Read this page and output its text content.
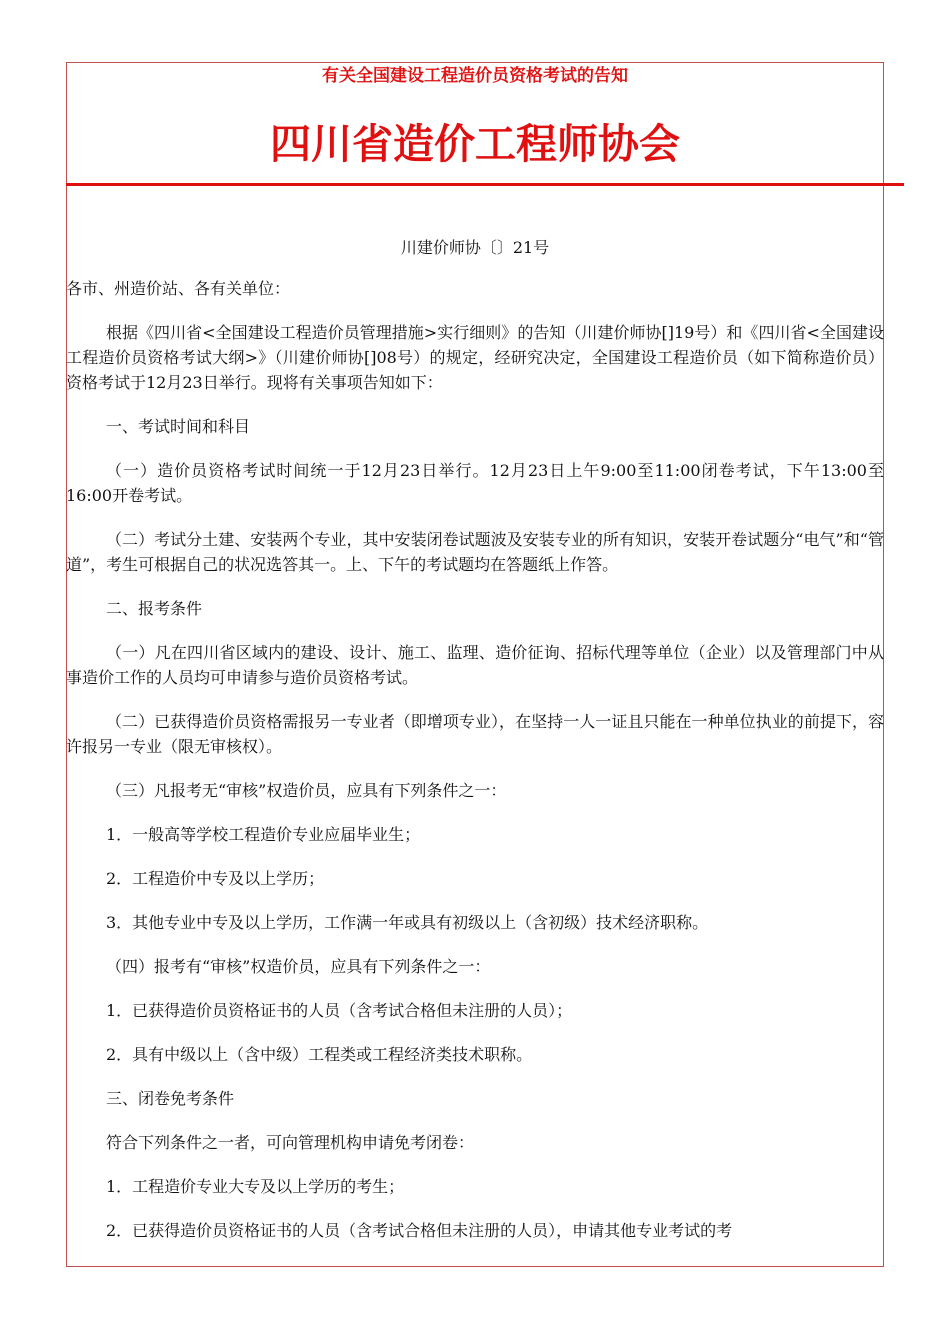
有关全国建设工程造价员资格考试的告知
四川省造价工程师协会
川建价师协〔〕21号

各市、州造价站、各有关单位：

根据《四川省<全国建设工程造价员管理措施>实行细则》的告知（川建价师协[]19号）和《四川省<全国建设工程造价员资格考试大纲>》（川建价师协[]08号）的规定，经研究决定，全国建设工程造价员（如下简称造价员）资格考试于12月23日举行。现将有关事项告知如下：

一、考试时间和科目

（一）造价员资格考试时间统一于12月23日举行。12月23日上午9:00至11:00闭卷考试，下午13:00至16:00开卷考试。

（二）考试分土建、安装两个专业，其中安装闭卷试题波及安装专业的所有知识，安装开卷试题分“电气”和“管道”，考生可根据自己的状况选答其一。上、下午的考试题均在答题纸上作答。

二、报考条件

（一）凡在四川省区域内的建设、设计、施工、监理、造价征询、招标代理等单位（企业）以及管理部门中从事造价工作的人员均可申请参与造价员资格考试。

（二）已获得造价员资格需报另一专业者（即增项专业），在坚持一人一证且只能在一种单位执业的前提下，容许报另一专业（限无审核权）。

（三）凡报考无“审核”权造价员，应具有下列条件之一：

1．一般高等学校工程造价专业应届毕业生；

2．工程造价中专及以上学历；

3．其他专业中专及以上学历，工作满一年或具有初级以上（含初级）技术经济职称。

（四）报考有“审核”权造价员，应具有下列条件之一：

1．已获得造价员资格证书的人员（含考试合格但未注册的人员）；

2．具有中级以上（含中级）工程类或工程经济类技术职称。

三、闭卷免考条件

符合下列条件之一者，可向管理机构申请免考闭卷：

1．工程造价专业大专及以上学历的考生；

2．已获得造价员资格证书的人员（含考试合格但未注册的人员），申请其他专业考试的考
